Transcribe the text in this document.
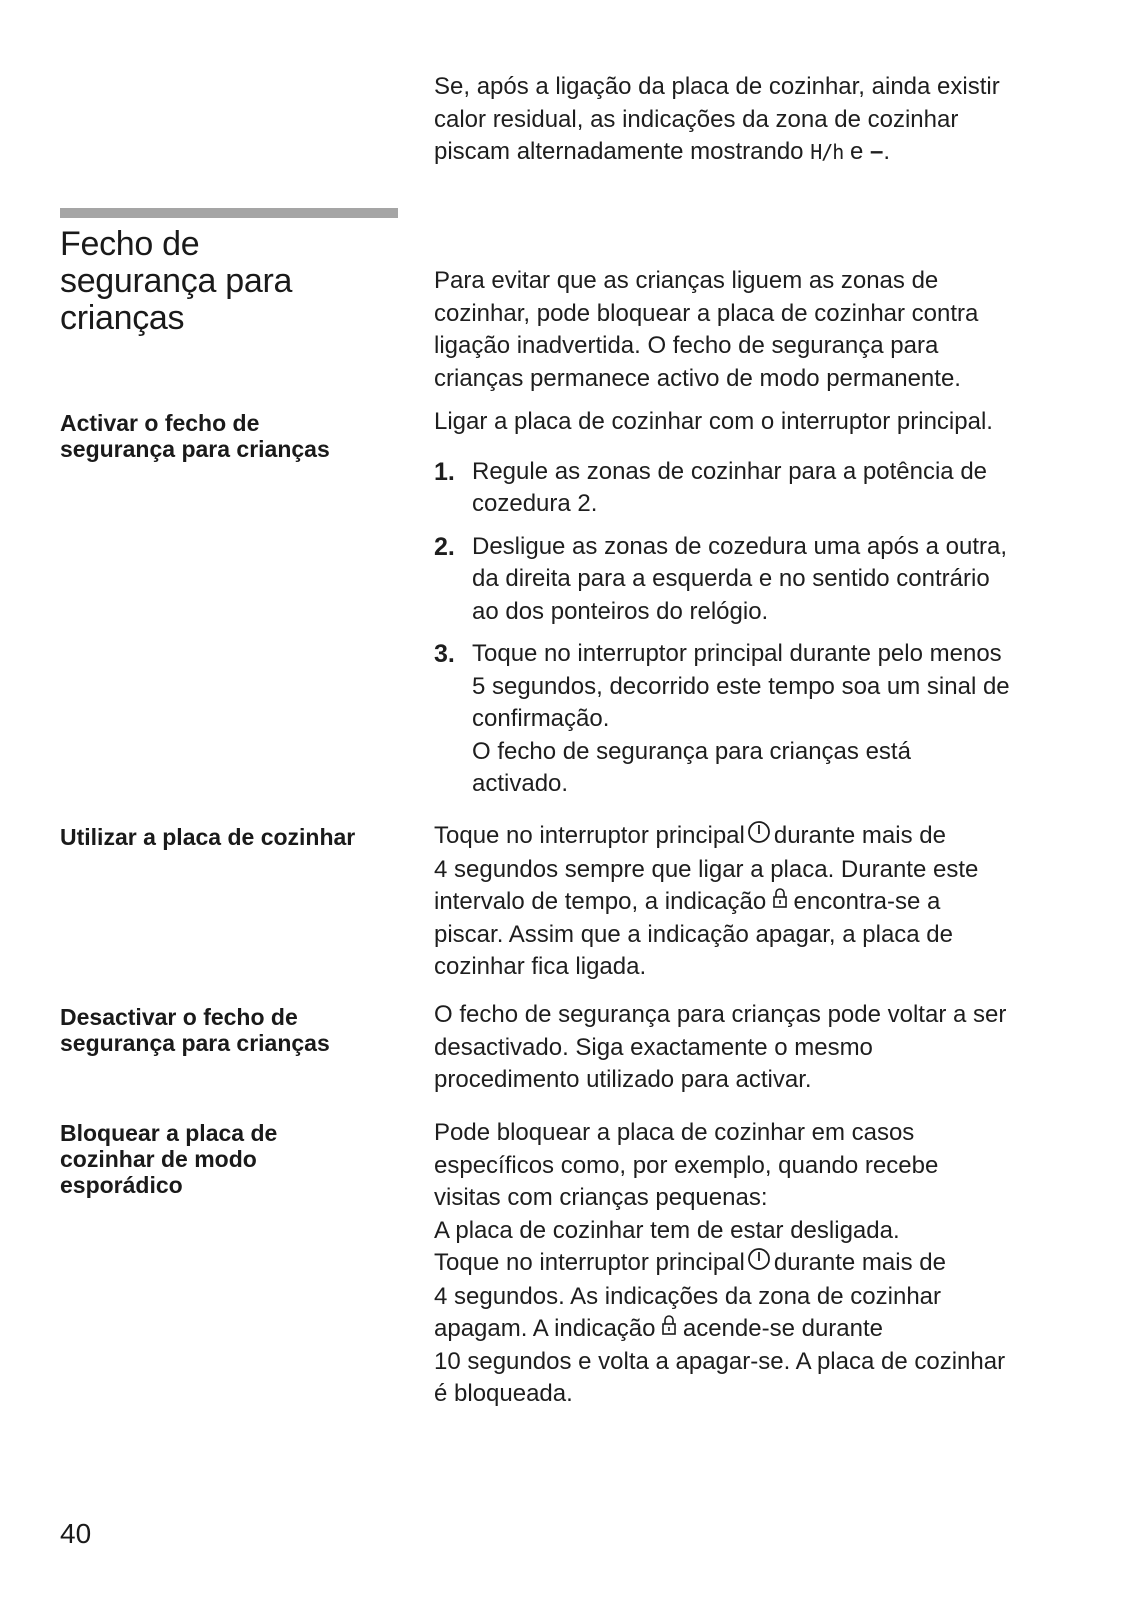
Se, após a ligação da placa de cozinhar, ainda existir

calor residual, as indicações da zona de cozinhar

piscam alternadamente mostrando H/h e –.

Fecho de
segurança para
crianças

Para evitar que as crianças liguem as zonas de

cozinhar, pode bloquear a placa de cozinhar contra

ligação inadvertida. O fecho de segurança para

crianças permanece activo de modo permanente.

Activar o fecho de
segurança para crianças

Ligar a placa de cozinhar com o interruptor principal.

1. Regule as zonas de cozinhar para a potência de

cozedura 2.

2. Desligue as zonas de cozedura uma após a outra,

da direita para a esquerda e no sentido contrário

ao dos ponteiros do relógio.

3. Toque no interruptor principal durante pelo menos

5 segundos, decorrido este tempo soa um sinal de

confirmação.

O fecho de segurança para crianças está

activado.

Utilizar a placa de cozinhar	Toque no interruptor principal durante mais de

4 segundos sempre que ligar a placa. Durante este

intervalo de tempo, a indicação encontra-se a

piscar. Assim que a indicação apagar, a placa de

cozinhar fica ligada.

Desactivar o fecho de
segurança para crianças

O fecho de segurança para crianças pode voltar a ser

desactivado. Siga exactamente o mesmo

procedimento utilizado para activar.

Bloquear a placa de
cozinhar de modo
esporádico

Pode bloquear a placa de cozinhar em casos

específicos como, por exemplo, quando recebe

visitas com crianças pequenas:

A placa de cozinhar tem de estar desligada.

Toque no interruptor principal durante mais de

4 segundos. As indicações da zona de cozinhar

apagam. A indicação acende-se durante

10 segundos e volta a apagar-se. A placa de cozinhar

é bloqueada.

40
